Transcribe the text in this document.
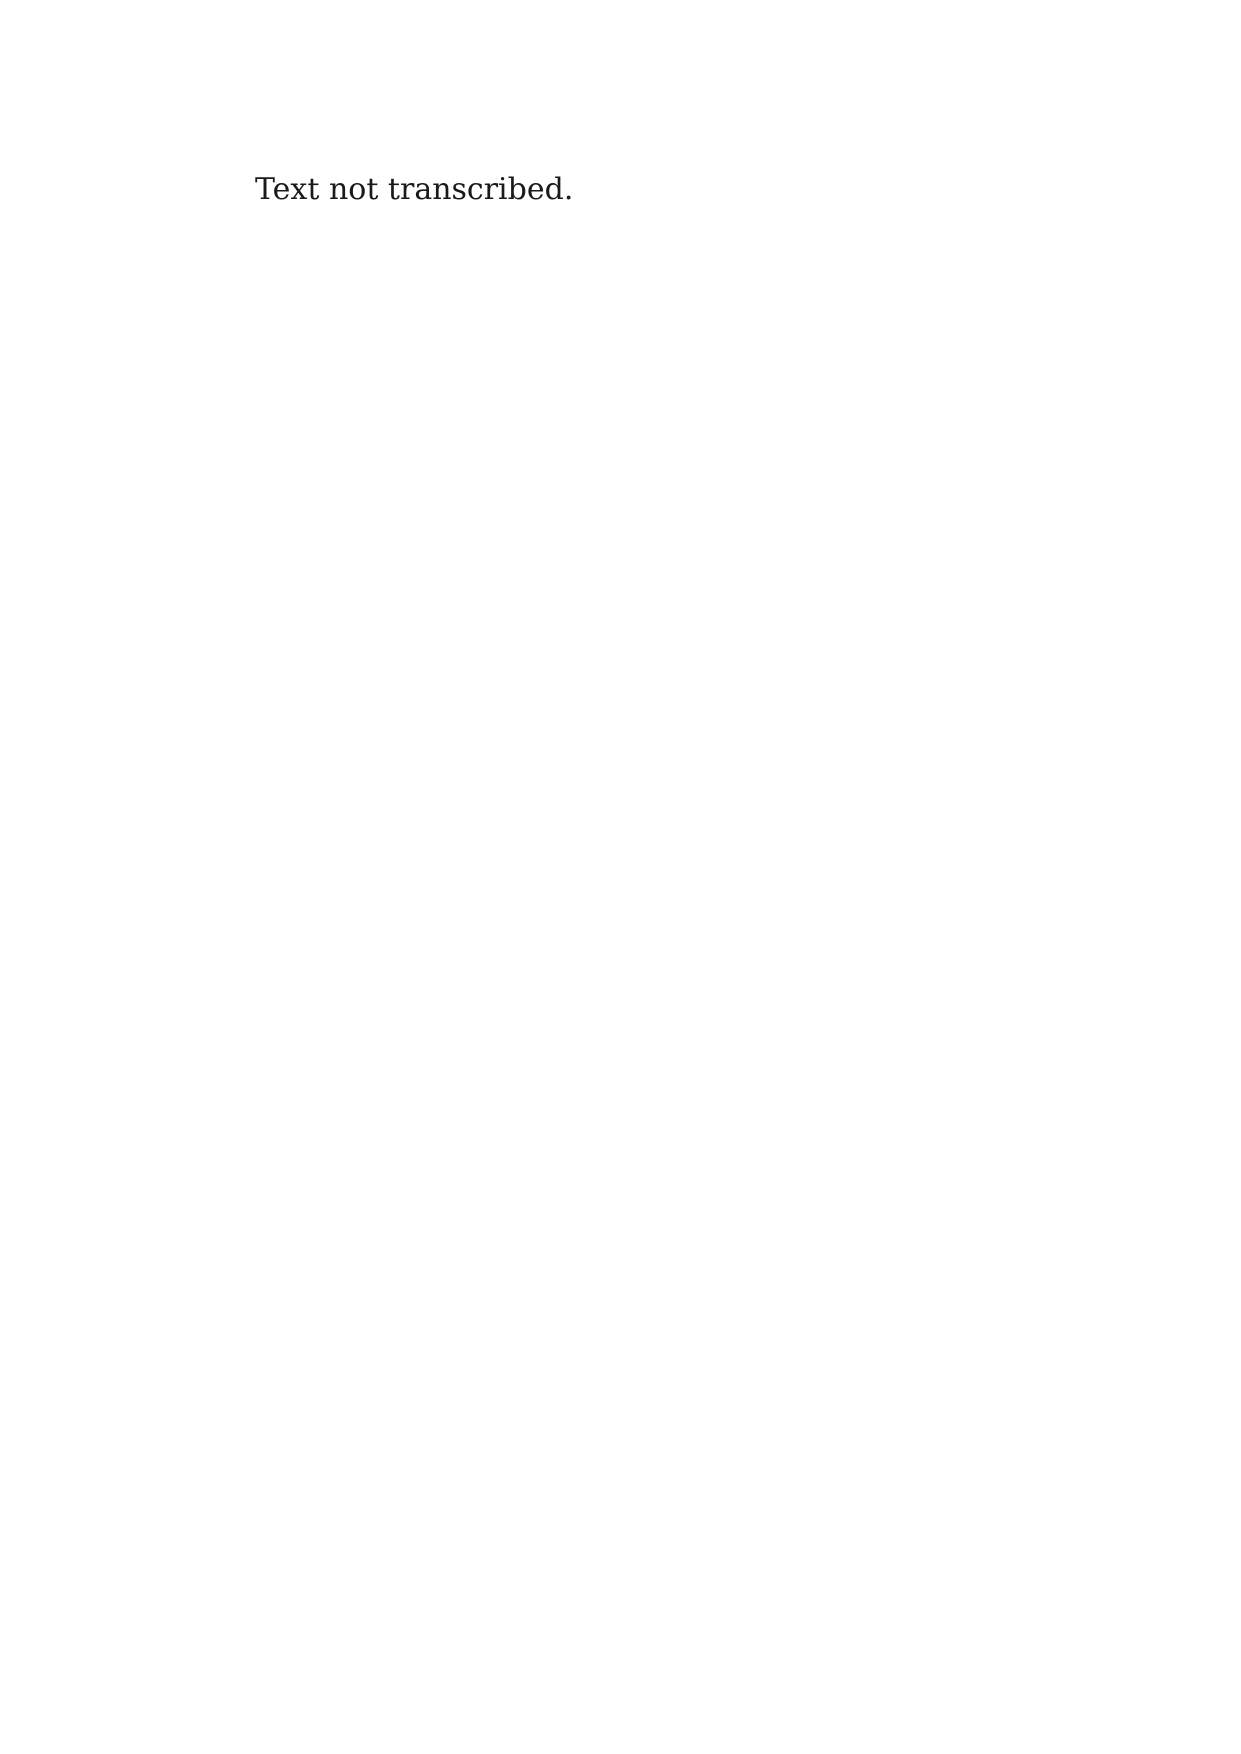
Text not transcribed.
